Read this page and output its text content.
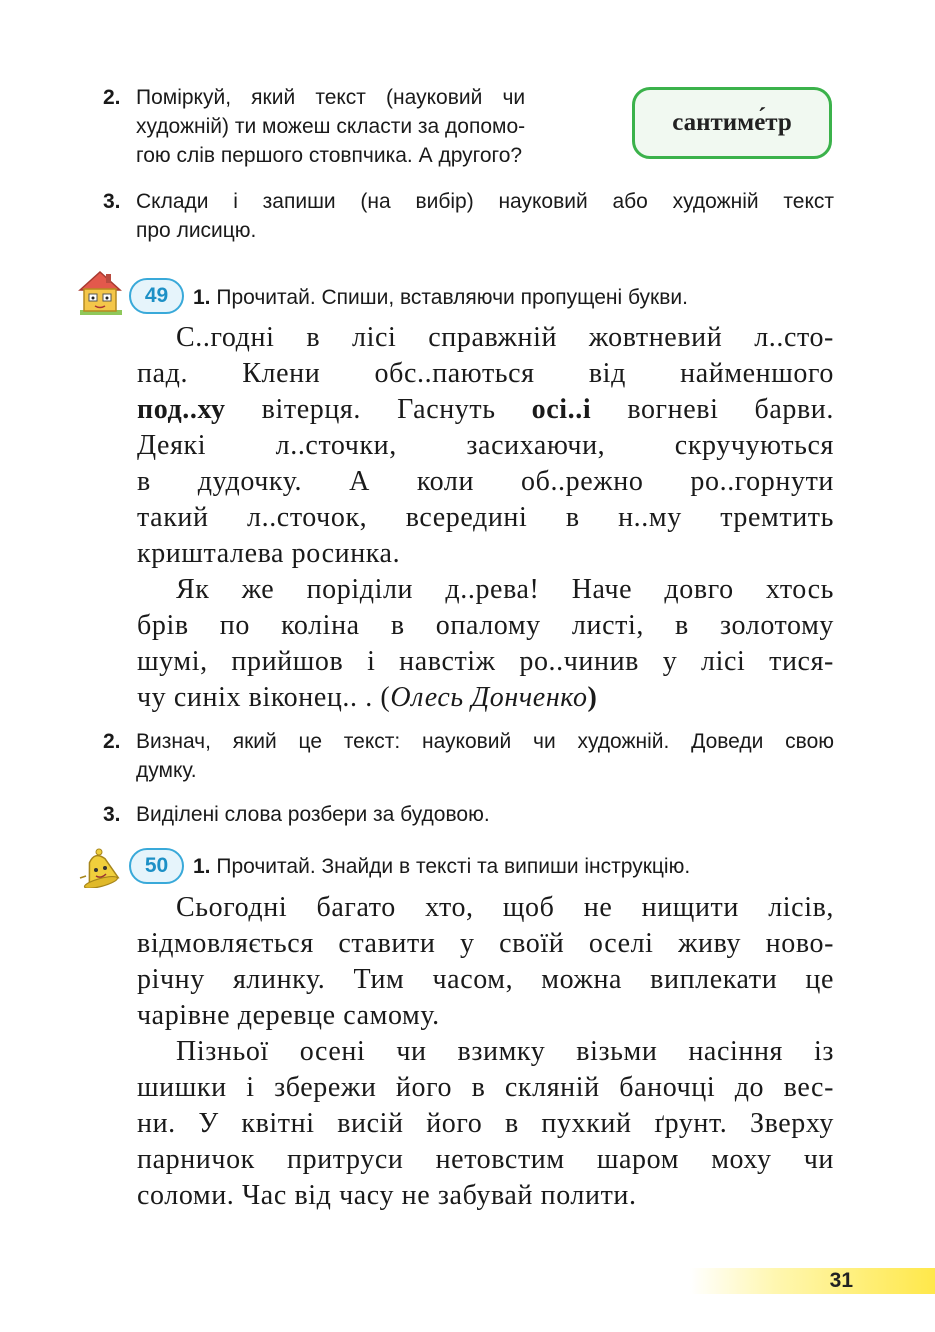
2. Поміркуй, який текст (науковий чи
художній) ти можеш скласти за допомо-
гою слів першого стовпчика. А другого?
сантиме́тр
3. Склади і запиши (на вибір) науковий або художній текст
про лисицю.
49 1. Прочитай. Спиши, вставляючи пропущені букви.
С..годні в лісі справжній жовтневий л..сто-
пад. Клени обс..паються від найменшого
под..ху вітерця. Гаснуть осі..і вогневі барви.
Деякі л..сточки, засихаючи, скручуються
в дудочку. А коли об..режно ро..горнути
такий л..сточок, всередині в н..му тремтить
кришталева росинка.
Як же поріділи д..рева! Наче довго хтось
брів по коліна в опалому листі, в золотому
шумі, прийшов і навстіж ро..чинив у лісі тися-
чу синіх віконец.. . (Олесь Донченко)
2. Визнач, який це текст: науковий чи художній. Доведи свою
думку.
3. Виділені слова розбери за будовою.
50 1. Прочитай. Знайди в тексті та випиши інструкцію.
Сьогодні багато хто, щоб не нищити лісів,
відмовляється ставити у своїй оселі живу ново-
річну ялинку. Тим часом, можна виплекати це
чарівне деревце самому.
Пізньої осені чи взимку візьми насіння із
шишки і збережи його в скляній баночці до вес-
ни. У квітні висій його в пухкий ґрунт. Зверху
парничок притруси нетовстим шаром моху чи
соломи. Час від часу не забувай полити.
31
